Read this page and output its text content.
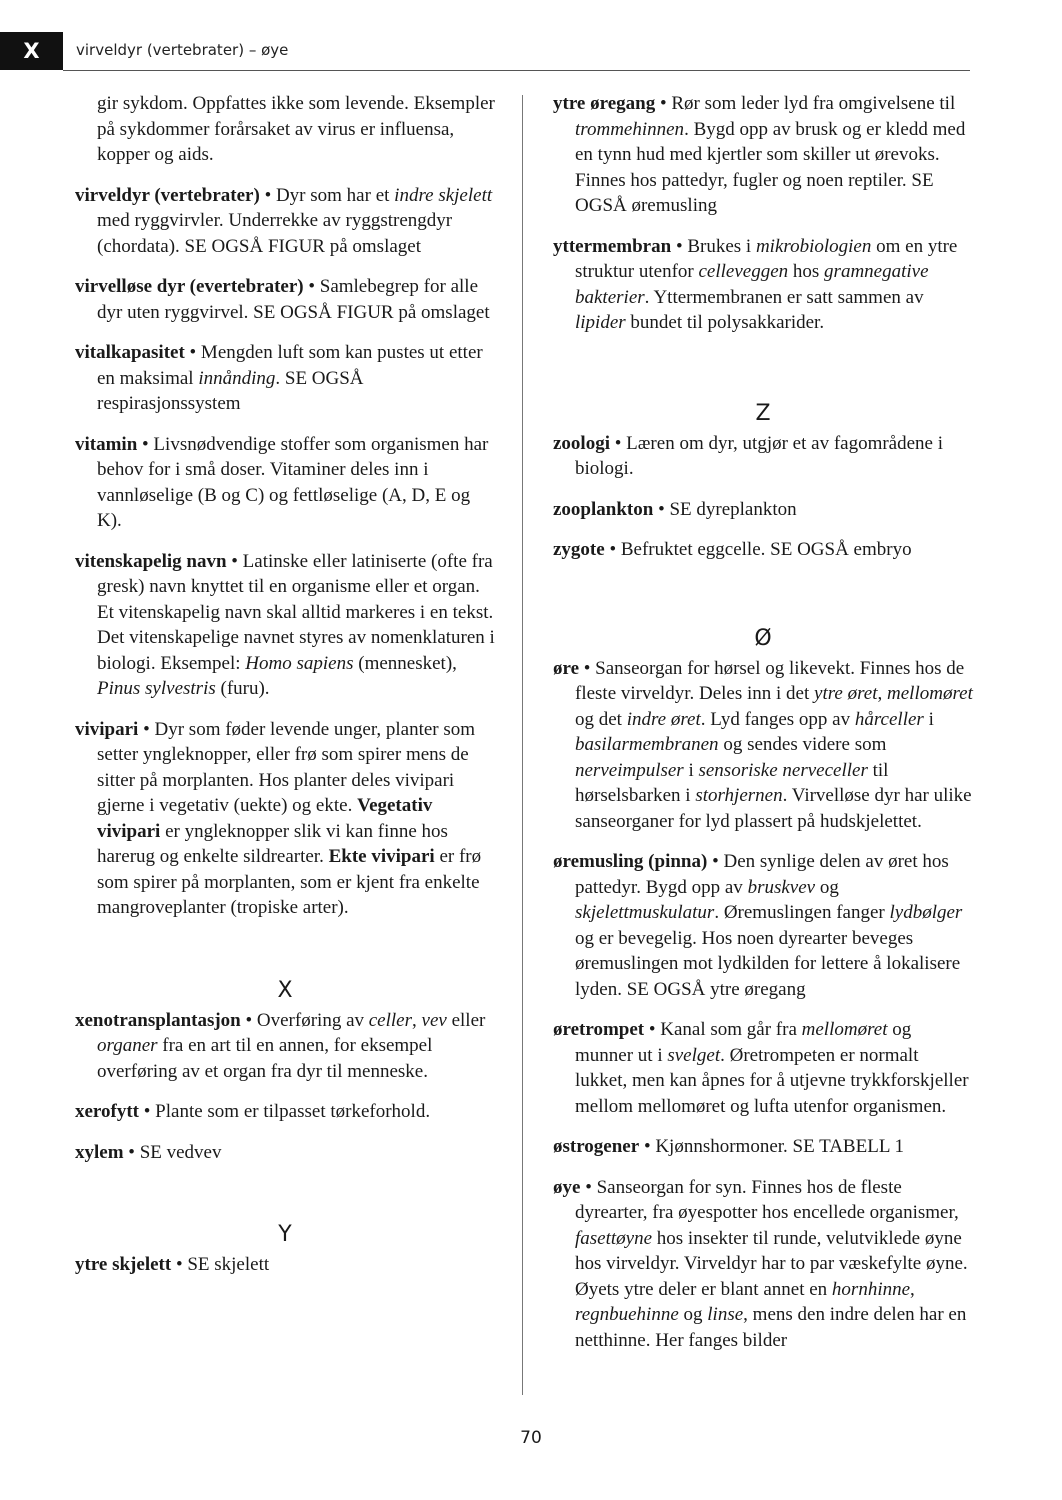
X	virveldyr (vertebrater) – øye

gir sykdom. Oppfattes ikke som levende. Eksempler på sykdommer forårsaket av virus er influensa, kopper og aids.

virveldyr (vertebrater) • Dyr som har et indre skjelett med ryggvirvler. Underrekke av ryggstrengdyr (chordata). SE OGSÅ FIGUR på omslaget

virvelløse dyr (evertebrater) • Samlebegrep for alle dyr uten ryggvirvel. SE OGSÅ FIGUR på omslaget

vitalkapasitet • Mengden luft som kan pustes ut etter en maksimal innånding. SE OGSÅ respirasjonssystem

vitamin • Livsnødvendige stoffer som organismen har behov for i små doser. Vitaminer deles inn i vannløselige (B og C) og fettløselige (A, D, E og K).

vitenskapelig navn • Latinske eller latiniserte (ofte fra gresk) navn knyttet til en organisme eller et organ. Et vitenskapelig navn skal alltid markeres i en tekst. Det vitenskapelige navnet styres av nomenklaturen i biologi. Eksempel: Homo sapiens (mennesket), Pinus sylvestris (furu).

vivipari • Dyr som føder levende unger, planter som setter yngleknopper, eller frø som spirer mens de sitter på morplanten. Hos planter deles vivipari gjerne i vegetativ (uekte) og ekte. Vegetativ vivipari er yngleknopper slik vi kan finne hos harerug og enkelte sildrearter. Ekte vivipari er frø som spirer på morplanten, som er kjent fra enkelte mangroveplanter (tropiske arter).

X

xenotransplantasjon • Overføring av celler, vev eller organer fra en art til en annen, for eksempel overføring av et organ fra dyr til menneske.

xerofytt • Plante som er tilpasset tørkeforhold.

xylem • SE vedvev

Y

ytre skjelett • SE skjelett

ytre øregang • Rør som leder lyd fra omgivelsene til trommehinnen. Bygd opp av brusk og er kledd med en tynn hud med kjertler som skiller ut ørevoks. Finnes hos pattedyr, fugler og noen reptiler. SE OGSÅ øremusling

yttermembran • Brukes i mikrobiologien om en ytre struktur utenfor celleveggen hos gramnegative bakterier. Yttermembranen er satt sammen av lipider bundet til polysakkarider.

Z

zoologi • Læren om dyr, utgjør et av fagområdene i biologi.

zooplankton • SE dyreplankton

zygote • Befruktet eggcelle. SE OGSÅ embryo

Ø

øre • Sanseorgan for hørsel og likevekt. Finnes hos de fleste virveldyr. Deles inn i det ytre øret, mellomøret og det indre øret. Lyd fanges opp av hårceller i basilarmembranen og sendes videre som nerveimpulser i sensoriske nerveceller til hørselsbarken i storhjernen. Virvelløse dyr har ulike sanseorganer for lyd plassert på hudskjelettet.

øremusling (pinna) • Den synlige delen av øret hos pattedyr. Bygd opp av bruskvev og skjelettmuskulatur. Øremuslingen fanger lydbølger og er bevegelig. Hos noen dyrearter beveges øremuslingen mot lydkilden for lettere å lokalisere lyden. SE OGSÅ ytre øregang

øretrompet • Kanal som går fra mellomøret og munner ut i svelget. Øretrompeten er normalt lukket, men kan åpnes for å utjevne trykkforskjeller mellom mellomøret og lufta utenfor organismen.

østrogener • Kjønnshormoner. SE TABELL 1

øye • Sanseorgan for syn. Finnes hos de fleste dyrearter, fra øyespotter hos encellede organismer, fasettøyne hos insekter til runde, velutviklede øyne hos virveldyr. Virveldyr har to par væskefylte øyne. Øyets ytre deler er blant annet en hornhinne, regnbuehinne og linse, mens den indre delen har en netthinne. Her fanges bilder

70
